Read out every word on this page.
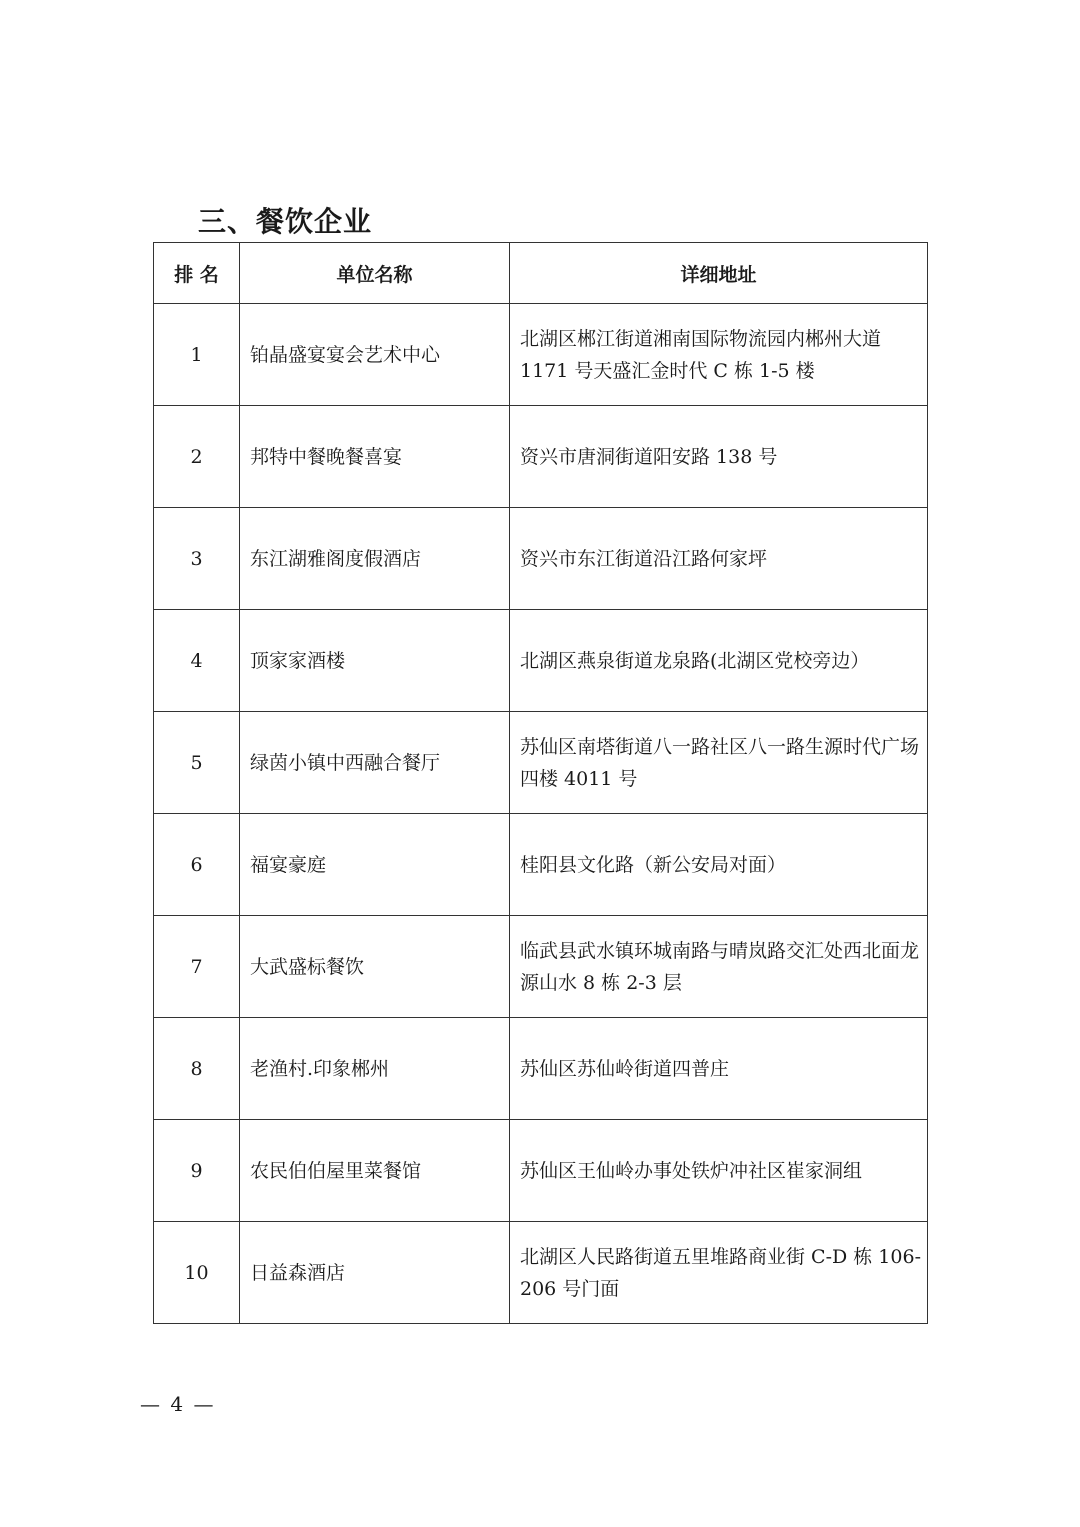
三、餐饮企业
排 名	单位名称	详细地址
1	铂晶盛宴宴会艺术中心	北湖区郴江街道湘南国际物流园内郴州大道 1171 号天盛汇金时代 C 栋 1-5 楼
2	邦特中餐晚餐喜宴	资兴市唐洞街道阳安路 138 号
3	东江湖雅阁度假酒店	资兴市东江街道沿江路何家坪
4	顶家家酒楼	北湖区燕泉街道龙泉路(北湖区党校旁边）
5	绿茵小镇中西融合餐厅	苏仙区南塔街道八一路社区八一路生源时代广场四楼 4011 号
6	福宴豪庭	桂阳县文化路（新公安局对面）
7	大武盛标餐饮	临武县武水镇环城南路与晴岚路交汇处西北面龙源山水 8 栋 2-3 层
8	老渔村.印象郴州	苏仙区苏仙岭街道四普庄
9	农民伯伯屋里菜餐馆	苏仙区王仙岭办事处铁炉冲社区崔家洞组
10	日益森酒店	北湖区人民路街道五里堆路商业街 C-D 栋 106-206 号门面
— 4 —
